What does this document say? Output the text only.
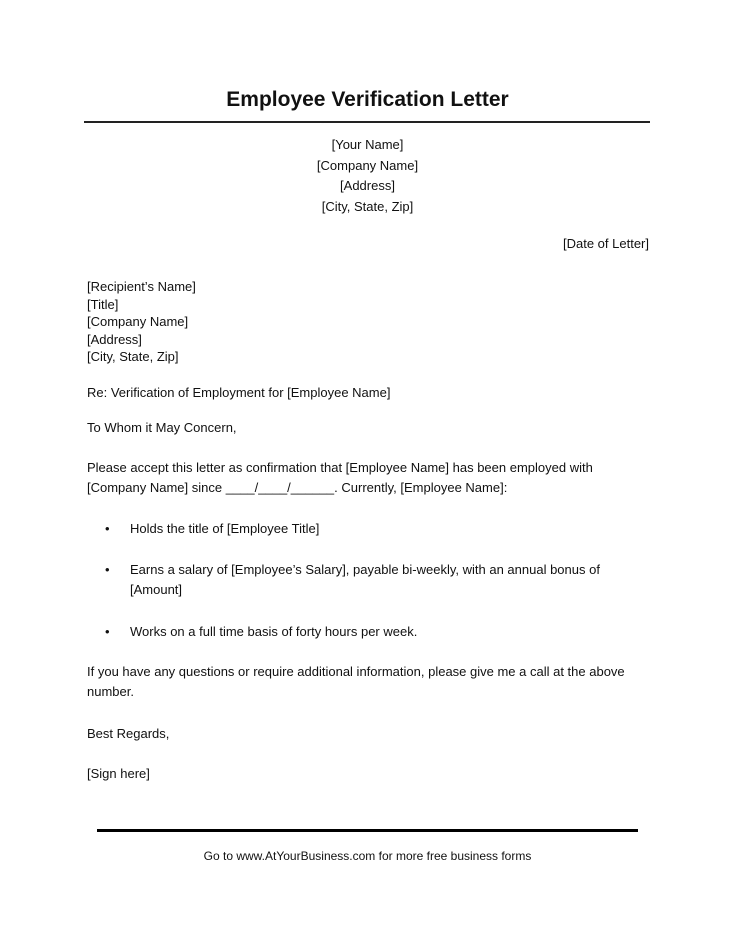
Employee Verification Letter
[Your Name]
[Company Name]
[Address]
[City, State, Zip]
[Date of Letter]
[Recipient’s Name]
[Title]
[Company Name]
[Address]
[City, State, Zip]
Re: Verification of Employment for [Employee Name]
To Whom it May Concern,
Please accept this letter as confirmation that [Employee Name] has been employed with
[Company Name] since ____/____/______. Currently, [Employee Name]:
• Holds the title of [Employee Title]
• Earns a salary of [Employee’s Salary], payable bi-weekly, with an annual bonus of
[Amount]
• Works on a full time basis of forty hours per week.
If you have any questions or require additional information, please give me a call at the above
number.
Best Regards,
[Sign here]
Go to www.AtYourBusiness.com for more free business forms
